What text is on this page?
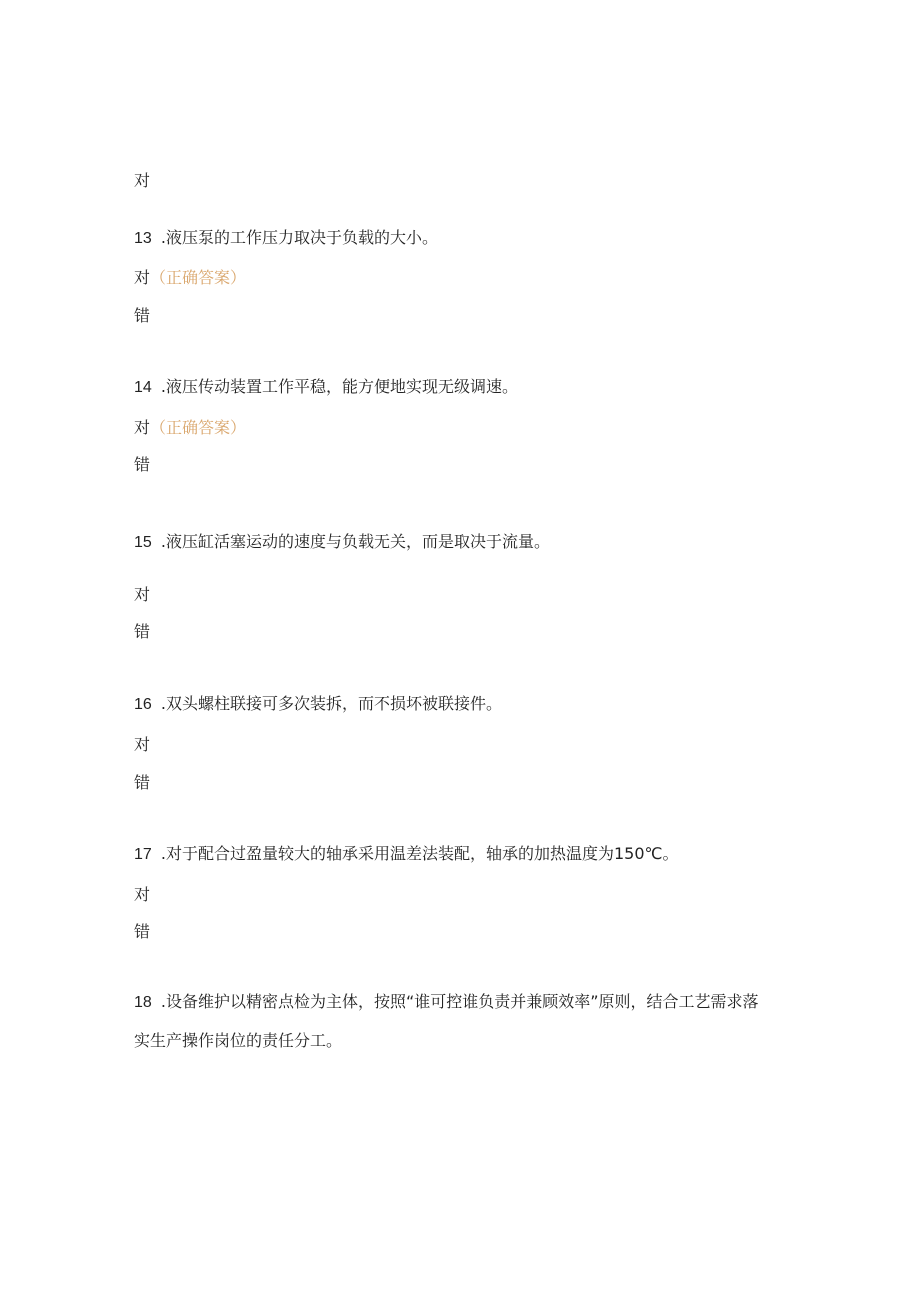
对
13 .液压泵的工作压力取决于负载的大小。
对（正确答案）
错
14 .液压传动装置工作平稳，能方便地实现无级调速。
对（正确答案）
错
15 .液压缸活塞运动的速度与负载无关，而是取决于流量。
对
错
16 .双头螺柱联接可多次装拆，而不损坏被联接件。
对
错
17 .对于配合过盈量较大的轴承采用温差法装配，轴承的加热温度为150℃。
对
错
18 .设备维护以精密点检为主体，按照“谁可控谁负责并兼顾效率”原则，结合工艺需求落实生产操作岗位的责任分工。
